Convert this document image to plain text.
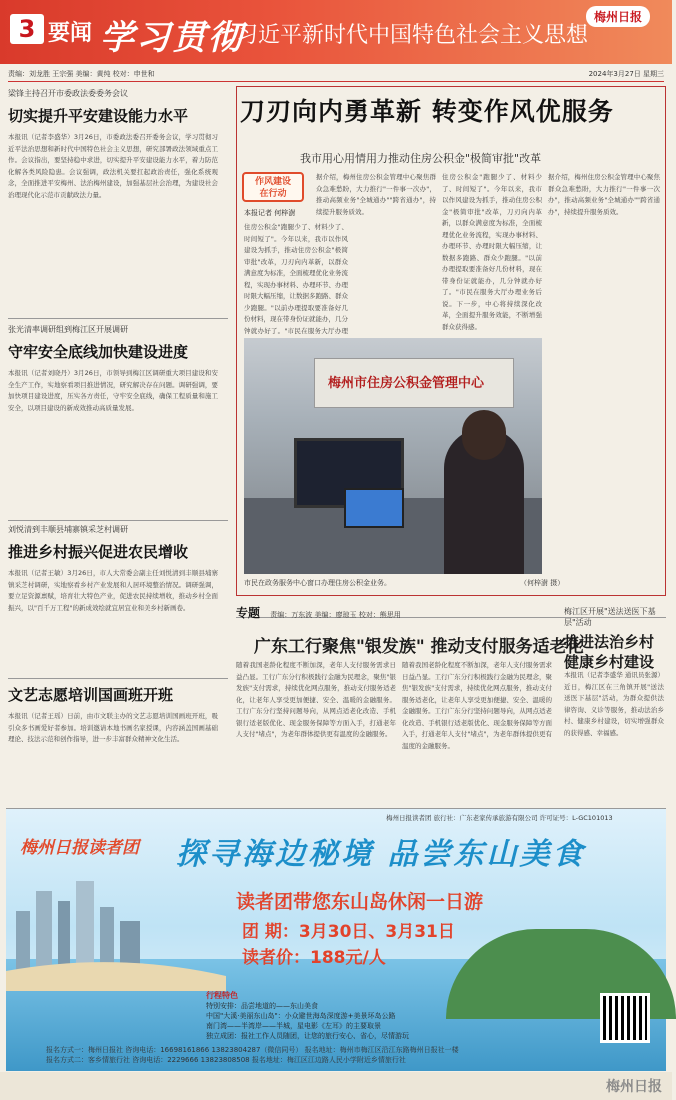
3 要闻 学习贯彻
习近平新时代中国特色社会主义思想
梅州日报
责编：刘龙胜 王宗强 美编：黄纯 校对：申世和	2024年3月27日 星期三
梁锋主持召开市委政法委委务会议
切实提升平安建设能力水平
本报讯（记者李盛华）3月26日，市委政法委召开委务会议，学习贯彻习近平法治思想和新时代中国特色社会主义思想，研究部署政法领域重点工作。会议指出，要坚持稳中求进，切实提升平安建设能力水平，着力防范化解各类风险隐患。会议强调，政法机关要扛起政治责任，强化系统观念，全面推进平安梅州、法治梅州建设，加强基层社会治理，为建设社会治理现代化示范市贡献政法力量。
张光清率调研组到梅江区开展调研
守牢安全底线加快建设进度
本报讯（记者刘晓丹）3月26日，市领导到梅江区调研重大项目建设和安全生产工作，实地察看项目推进情况，研究解决存在问题。调研强调，要加快项目建设进度，压实各方责任，守牢安全底线，确保工程质量和施工安全，以项目建设的新成效推动高质量发展。
刘悦清到丰顺县埔寨镇采芝村调研
推进乡村振兴促进农民增收
本报讯（记者王敏）3月26日，市人大常委会副主任刘悦清到丰顺县埔寨镇采芝村调研，实地察看乡村产业发展和人居环境整治情况。调研强调，要立足资源禀赋，培育壮大特色产业，促进农民持续增收，推动乡村全面振兴，以"百千万工程"的新成效绘就宜居宜业和美乡村新画卷。
文艺志愿培训国画班开班
本报讯（记者王瑶）日前，由市文联主办的文艺志愿培训国画班开班，吸引众多书画爱好者参加。培训邀请本地书画名家授课，内容涵盖国画基础理论、技法示范和创作指导，进一步丰富群众精神文化生活。
刀刃向内勇革新 转变作风优服务
我市用心用情用力推动住房公积金"极简审批"改革
作风建设
在行动
本报记者 何梓澍
住房公积金"跑腿少了、材料少了、时间短了"。今年以来，我市以作风建设为抓手，推动住房公积金"极简审批"改革，刀刃向内革新，以群众满意度为标准，全面梳理优化业务流程，实现办事材料、办理环节、办理时限大幅压缩，让数据多跑路、群众少跑腿。"以前办理提取要准备好几份材料，现在带身份证就能办，几分钟就办好了。"市民在服务大厅办理
据介绍，梅州住房公积金管理中心聚焦群众急难愁盼，大力推行"一件事一次办"，推动高频业务"全城通办""跨省通办"，持续提升服务质效。
住房公积金"跑腿少了、材料少了、时间短了"。今年以来，我市以作风建设为抓手，推动住房公积金"极简审批"改革，刀刃向内革新，以群众满意度为标准，全面梳理优化业务流程，实现办事材料、办理环节、办理时限大幅压缩，让数据多跑路、群众少跑腿。"以前办理提取要准备好几份材料，现在带身份证就能办，几分钟就办好了。"市民在服务大厅办理业务后说。下一步，中心将持续深化改革，全面提升服务效能，不断增强群众获得感。
据介绍，梅州住房公积金管理中心聚焦群众急难愁盼，大力推行"一件事一次办"，推动高频业务"全城通办""跨省通办"，持续提升服务质效。
梅州市住房公积金管理中心
市民在政务服务中心窗口办理住房公积金业务。	（何梓澍 摄）
专题 责编：万东波 美编：廖琼玉 校对：熊思用
广东工行聚焦"银发族" 推动支付服务适老化
随着我国老龄化程度不断加深，老年人支付服务需求日益凸显。工行广东分行积极践行金融为民理念，聚焦"银发族"支付需求，持续优化网点服务，推动支付服务适老化，让老年人享受更加便捷、安全、温暖的金融服务。工行广东分行坚持问题导向，从网点适老化改造、手机银行适老版优化、现金服务保障等方面入手，打通老年人支付"堵点"，为老年群体提供更有温度的金融服务。
随着我国老龄化程度不断加深，老年人支付服务需求日益凸显。工行广东分行积极践行金融为民理念，聚焦"银发族"支付需求，持续优化网点服务，推动支付服务适老化，让老年人享受更加便捷、安全、温暖的金融服务。工行广东分行坚持问题导向，从网点适老化改造、手机银行适老版优化、现金服务保障等方面入手，打通老年人支付"堵点"，为老年群体提供更有温度的金融服务。
梅江区开展"送法送医下基层"活动
推进法治乡村健康乡村建设
本报讯（记者李盛华 通讯员张源）近日，梅江区在三角镇开展"送法送医下基层"活动，为群众提供法律咨询、义诊等服务，推动法治乡村、健康乡村建设，切实增强群众的获得感、幸福感。
梅州日报读者团 旅行社：广东老家传承旅游有限公司 许可证号：L-GC101013
梅州日报读者团 探寻海边秘境 品尝东山美食
读者团带您东山岛休闲一日游
团 期：3月30日、3月31日
读者价：188元/人
行程特色
特别安排：品尝地道的——东山美食
中国"大溪·美丽东山岛"：小众避世海岛深度游+美景环岛公路
南门湾——半湾岸——半城，星电影《左耳》的主要取景
独立成团：报社工作人员随团，让您的旅行安心、省心，尽情游玩
报名方式一：梅州日报社 咨询电话：16698161866 13823804287（微信同号） 报名地址：梅州市梅江区沿江东路梅州日报社一楼
报名方式二：客乡情旅行社 咨询电话：2229666 13823808508 报名地址：梅江区江边路人民小学附近乡情旅行社
梅州日报
